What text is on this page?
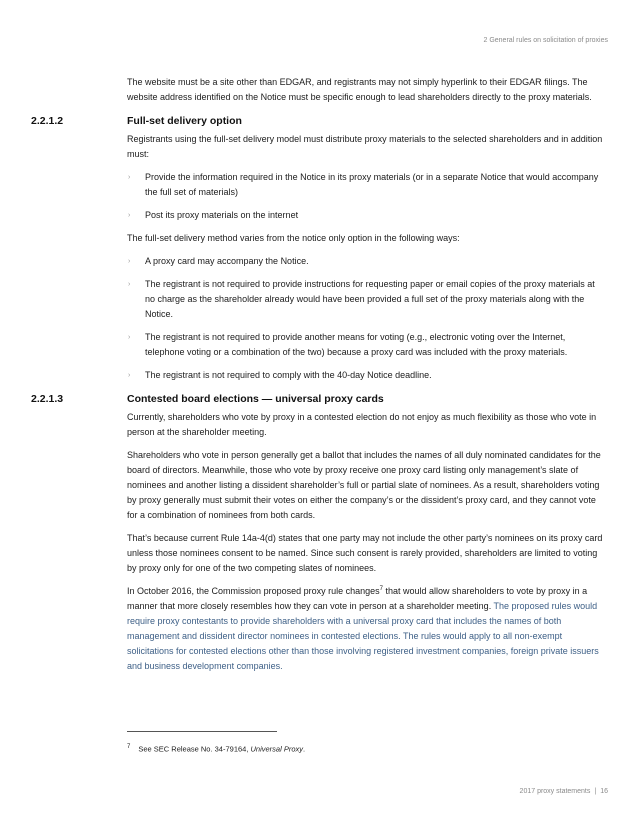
2 General rules on solicitation of proxies

The website must be a site other than EDGAR, and registrants may not simply hyperlink to their EDGAR filings. The website address identified on the Notice must be specific enough to lead shareholders directly to the proxy materials.

2.2.1.2	Full-set delivery option

Registrants using the full-set delivery model must distribute proxy materials to the selected shareholders and in addition must:

› Provide the information required in the Notice in its proxy materials (or in a separate Notice that would accompany the full set of materials)
› Post its proxy materials on the internet

The full-set delivery method varies from the notice only option in the following ways:

› A proxy card may accompany the Notice.
› The registrant is not required to provide instructions for requesting paper or email copies of the proxy materials at no charge as the shareholder already would have been provided a full set of the proxy materials along with the Notice.
› The registrant is not required to provide another means for voting (e.g., electronic voting over the Internet, telephone voting or a combination of the two) because a proxy card was included with the proxy materials.
› The registrant is not required to comply with the 40-day Notice deadline.
2.2.1.3	Contested board elections — universal proxy cards

Currently, shareholders who vote by proxy in a contested election do not enjoy as much flexibility as those who vote in person at the shareholder meeting.

Shareholders who vote in person generally get a ballot that includes the names of all duly nominated candidates for the board of directors. Meanwhile, those who vote by proxy receive one proxy card listing only management’s slate of nominees and another listing a dissident shareholder’s full or partial slate of nominees. As a result, shareholders voting by proxy generally must submit their votes on either the company’s or the dissident’s proxy card, and they cannot vote for a combination of nominees from both cards.

That’s because current Rule 14a-4(d) states that one party may not include the other party’s nominees on its proxy card unless those nominees consent to be named. Since such consent is rarely provided, shareholders are limited to voting by proxy only for one of the two competing slates of nominees.

In October 2016, the Commission proposed proxy rule changes$^7$ that would allow shareholders to vote by proxy in a manner that more closely resembles how they can vote in person at a shareholder meeting. The proposed rules would require proxy contestants to provide shareholders with a universal proxy card that includes the names of both management and dissident director nominees in contested elections. The rules would apply to all non-exempt solicitations for contested elections other than those involving registered investment companies, foreign private issuers and business development companies.

$^7$ See SEC Release No. 34-79164, Universal Proxy.
2017 proxy statements | 16
